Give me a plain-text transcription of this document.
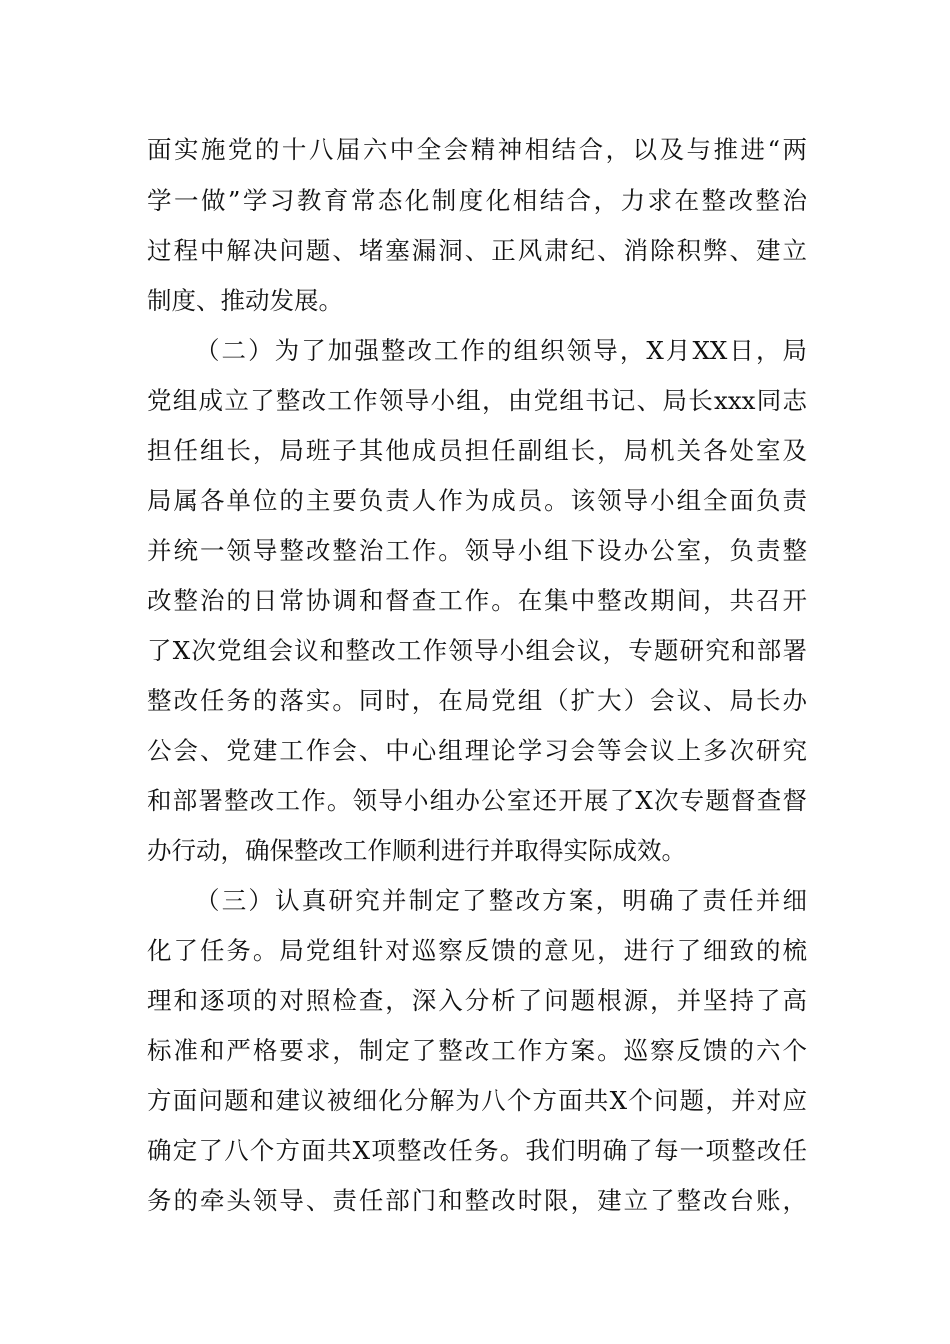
面实施党的十八届六中全会精神相结合，以及与推进“两

学一做”学习教育常态化制度化相结合，力求在整改整治

过程中解决问题、堵塞漏洞、正风肃纪、消除积弊、建立

制度、推动发展。

（二）为了加强整改工作的组织领导，X月XX日，局

党组成立了整改工作领导小组，由党组书记、局长xxx同志

担任组长，局班子其他成员担任副组长，局机关各处室及

局属各单位的主要负责人作为成员。该领导小组全面负责

并统一领导整改整治工作。领导小组下设办公室，负责整

改整治的日常协调和督查工作。在集中整改期间，共召开

了X次党组会议和整改工作领导小组会议，专题研究和部署

整改任务的落实。同时，在局党组（扩大）会议、局长办

公会、党建工作会、中心组理论学习会等会议上多次研究

和部署整改工作。领导小组办公室还开展了X次专题督查督

办行动，确保整改工作顺利进行并取得实际成效。

（三）认真研究并制定了整改方案，明确了责任并细

化了任务。局党组针对巡察反馈的意见，进行了细致的梳

理和逐项的对照检查，深入分析了问题根源，并坚持了高

标准和严格要求，制定了整改工作方案。巡察反馈的六个

方面问题和建议被细化分解为八个方面共X个问题，并对应

确定了八个方面共X项整改任务。我们明确了每一项整改任

务的牵头领导、责任部门和整改时限，建立了整改台账，
